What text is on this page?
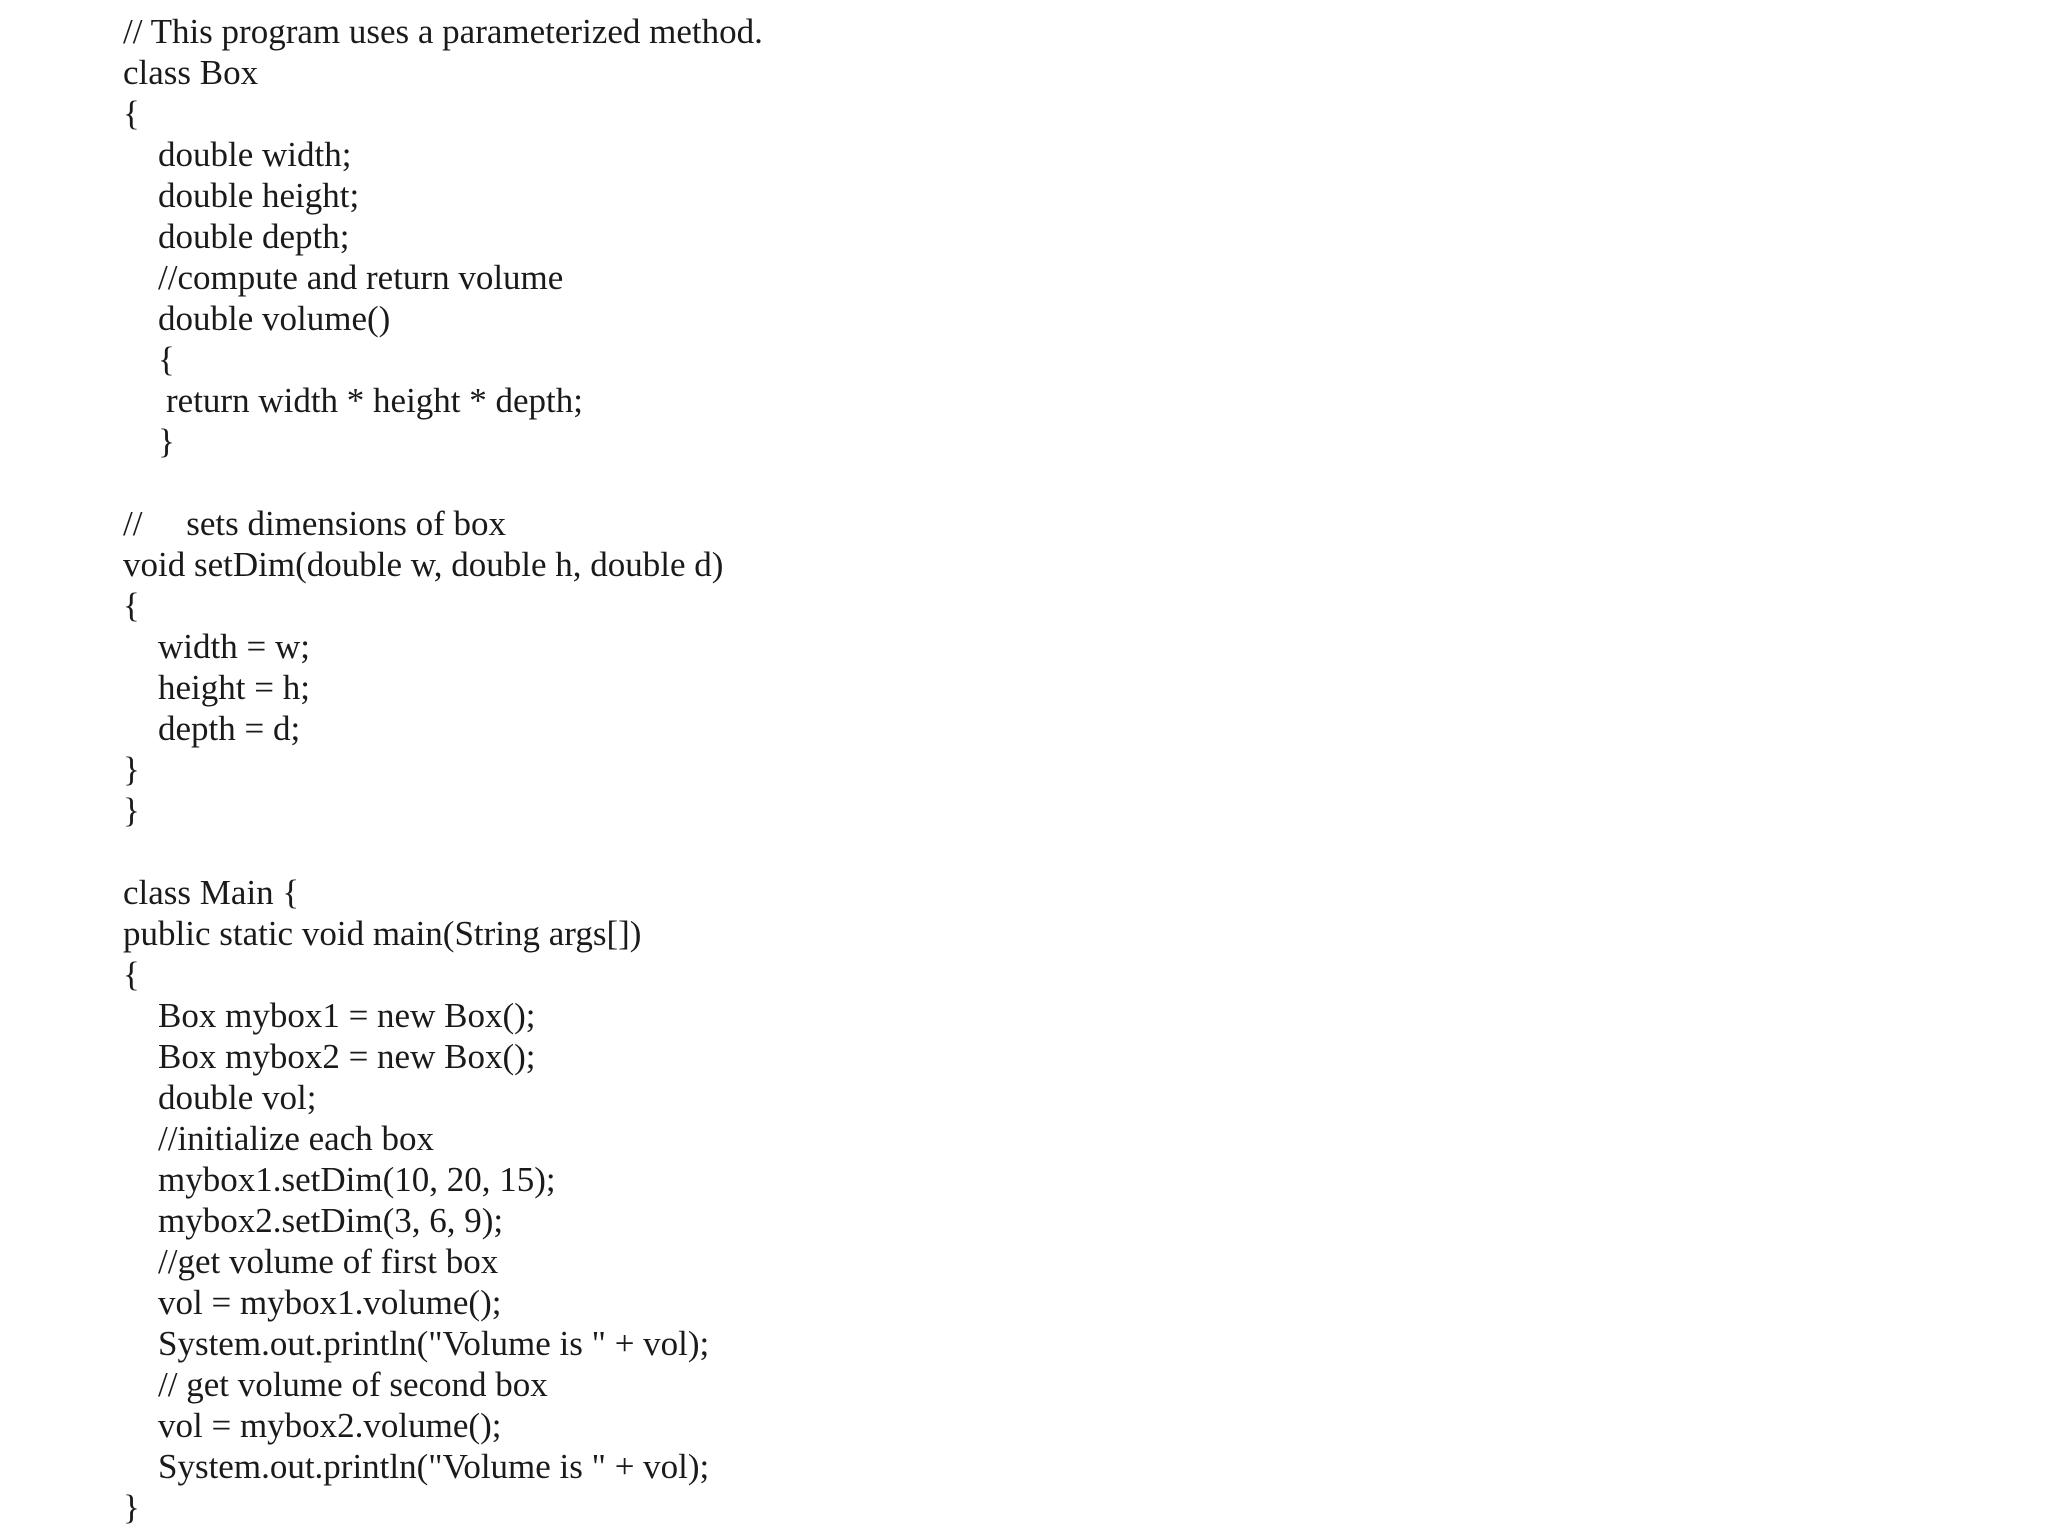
// This program uses a parameterized method.
class Box
{
double width;
double height;
double depth;
//compute and return volume
double volume()
{
return width * height * depth;
}
//     sets dimensions of box
void setDim(double w, double h, double d)
{
width = w;
height = h;
depth = d;
}
}
class Main {
public static void main(String args[])
{
Box mybox1 = new Box();
Box mybox2 = new Box();
double vol;
//initialize each box
mybox1.setDim(10, 20, 15);
mybox2.setDim(3, 6, 9);
//get volume of first box
vol = mybox1.volume();
System.out.println("Volume is " + vol);
// get volume of second box
vol = mybox2.volume();
System.out.println("Volume is " + vol);
}
